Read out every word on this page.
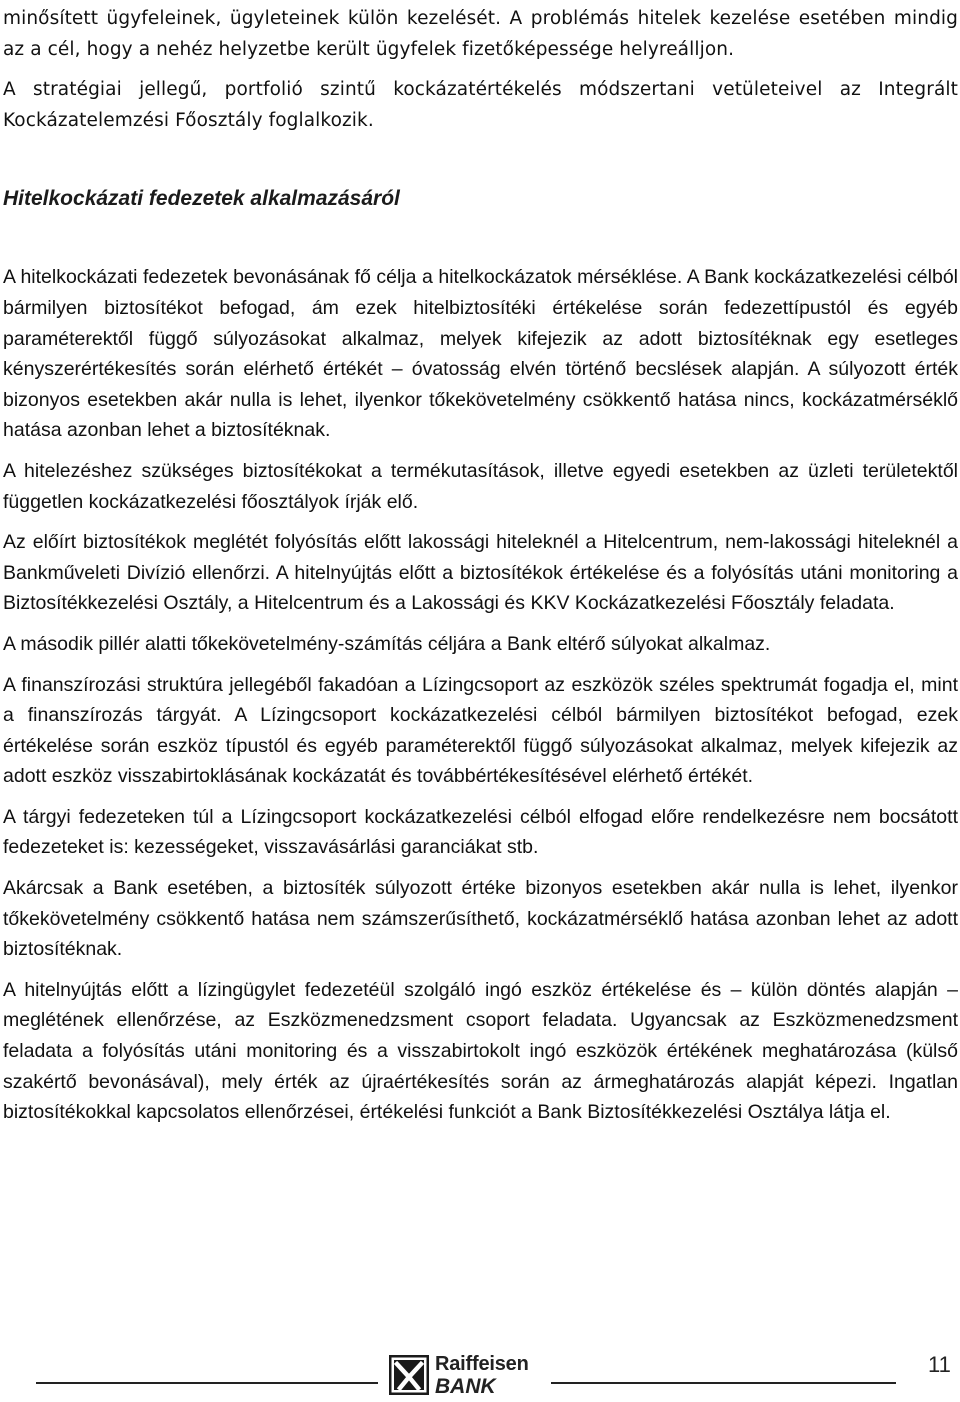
minősített ügyfeleinek, ügyleteinek külön kezelését. A problémás hitelek kezelése esetében mindig az a cél, hogy a nehéz helyzetbe került ügyfelek fizetőképessége helyreálljon.

A stratégiai jellegű, portfolió szintű kockázatértékelés módszertani vetületeivel az Integrált Kockázatelemzési Főosztály foglalkozik.

Hitelkockázati fedezetek alkalmazásáról

A hitelkockázati fedezetek bevonásának fő célja a hitelkockázatok mérséklése. A Bank kockázatkezelési célból bármilyen biztosítékot befogad, ám ezek hitelbiztosítéki értékelése során fedezettípustól és egyéb paraméterektől függő súlyozásokat alkalmaz, melyek kifejezik az adott biztosítéknak egy esetleges kényszerértékesítés során elérhető értékét – óvatosság elvén történő becslések alapján. A súlyozott érték bizonyos esetekben akár nulla is lehet, ilyenkor tőkekövetelmény csökkentő hatása nincs, kockázatmérséklő hatása azonban lehet a biztosítéknak.

A hitelezéshez szükséges biztosítékokat a termékutasítások, illetve egyedi esetekben az üzleti területektől független kockázatkezelési főosztályok írják elő.

Az előírt biztosítékok meglétét folyósítás előtt lakossági hiteleknél a Hitelcentrum, nem-lakossági hiteleknél a Bankműveleti Divízió ellenőrzi. A hitelnyújtás előtt a biztosítékok értékelése és a folyósítás utáni monitoring a Biztosítékkezelési Osztály, a Hitelcentrum és a Lakossági és KKV Kockázatkezelési Főosztály feladata.

A második pillér alatti tőkekövetelmény-számítás céljára a Bank eltérő súlyokat alkalmaz.

A finanszírozási struktúra jellegéből fakadóan a Lízingcsoport az eszközök széles spektrumát fogadja el, mint a finanszírozás tárgyát. A Lízingcsoport kockázatkezelési célból bármilyen biztosítékot befogad, ezek értékelése során eszköz típustól és egyéb paraméterektől függő súlyozásokat alkalmaz, melyek kifejezik az adott eszköz visszabirtoklásának kockázatát és továbbértékesítésével elérhető értékét.

A tárgyi fedezeteken túl a Lízingcsoport kockázatkezelési célból elfogad előre rendelkezésre nem bocsátott fedezeteket is: kezességeket, visszavásárlási garanciákat stb.

Akárcsak a Bank esetében, a biztosíték súlyozott értéke bizonyos esetekben akár nulla is lehet, ilyenkor tőkekövetelmény csökkentő hatása nem számszerűsíthető, kockázatmérséklő hatása azonban lehet az adott biztosítéknak.

A hitelnyújtás előtt a lízingügylet fedezetéül szolgáló ingó eszköz értékelése és – külön döntés alapján – meglétének ellenőrzése, az Eszközmenedzsment csoport feladata. Ugyancsak az Eszközmenedzsment feladata a folyósítás utáni monitoring és a visszabirtokolt ingó eszközök értékének meghatározása (külső szakértő bevonásával), mely érték az újraértékesítés során az ármeghatározás alapját képezi. Ingatlan biztosítékokkal kapcsolatos ellenőrzései, értékelési funkciót a Bank Biztosítékkezelési Osztálya látja el.

Raiffeisen
BANK
11
